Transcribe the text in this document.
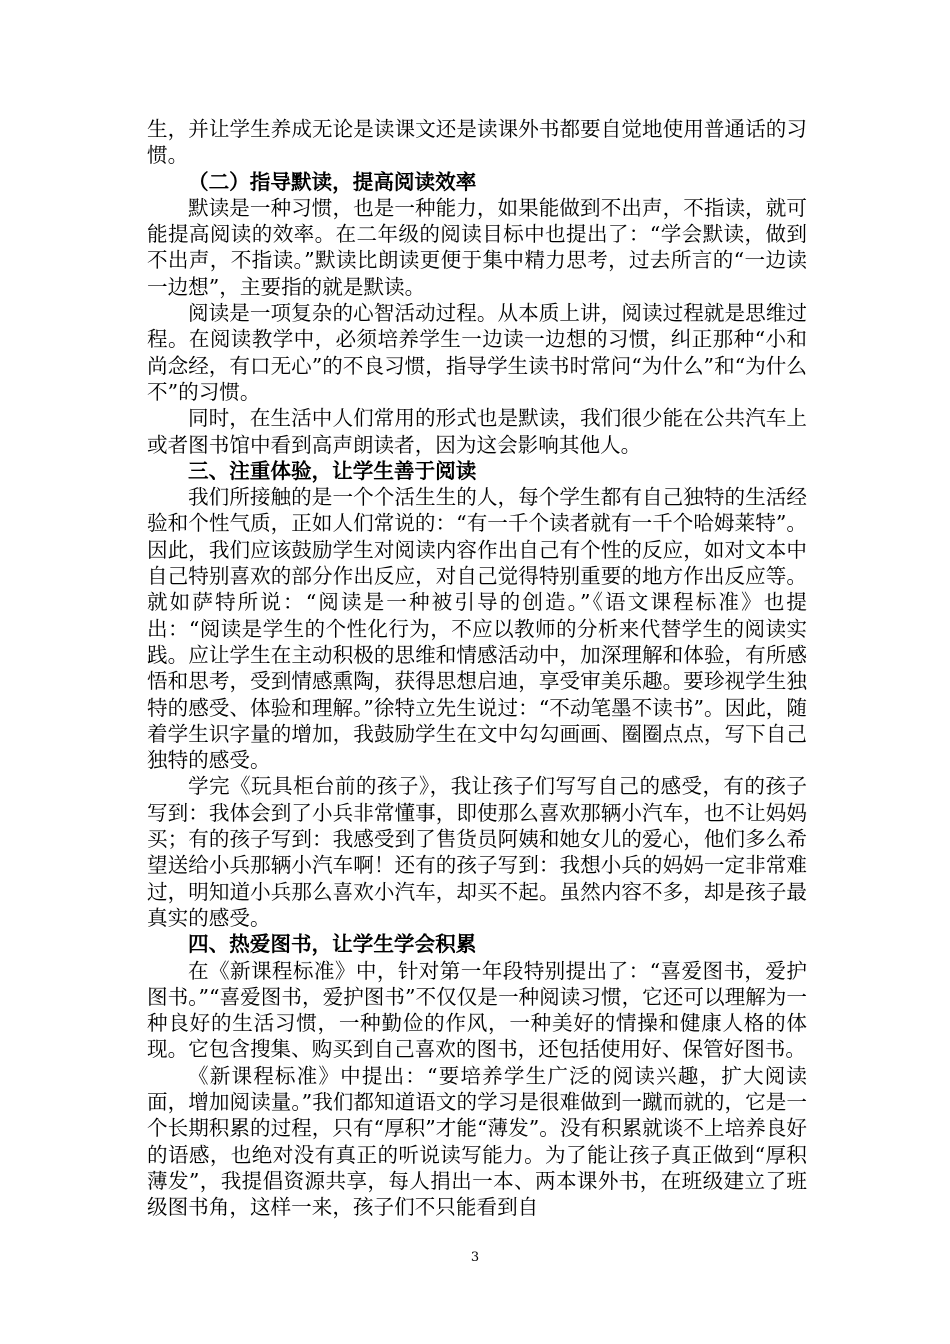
生，并让学生养成无论是读课文还是读课外书都要自觉地使用普通话的习惯。

（二）指导默读，提高阅读效率

默读是一种习惯，也是一种能力，如果能做到不出声，不指读，就可能提高阅读的效率。在二年级的阅读目标中也提出了：“学会默读，做到不出声，不指读。”默读比朗读更便于集中精力思考，过去所言的“一边读一边想”，主要指的就是默读。

阅读是一项复杂的心智活动过程。从本质上讲，阅读过程就是思维过程。在阅读教学中，必须培养学生一边读一边想的习惯，纠正那种“小和尚念经，有口无心”的不良习惯，指导学生读书时常问“为什么”和“为什么不”的习惯。

同时，在生活中人们常用的形式也是默读，我们很少能在公共汽车上或者图书馆中看到高声朗读者，因为这会影响其他人。

三、注重体验，让学生善于阅读

我们所接触的是一个个活生生的人，每个学生都有自己独特的生活经验和个性气质，正如人们常说的：“有一千个读者就有一千个哈姆莱特”。因此，我们应该鼓励学生对阅读内容作出自己有个性的反应，如对文本中自己特别喜欢的部分作出反应，对自己觉得特别重要的地方作出反应等。就如萨特所说：“阅读是一种被引导的创造。”《语文课程标准》也提出：“阅读是学生的个性化行为，不应以教师的分析来代替学生的阅读实践。应让学生在主动积极的思维和情感活动中，加深理解和体验，有所感悟和思考，受到情感熏陶，获得思想启迪，享受审美乐趣。要珍视学生独特的感受、体验和理解。”徐特立先生说过：“不动笔墨不读书”。因此，随着学生识字量的增加，我鼓励学生在文中勾勾画画、圈圈点点，写下自己独特的感受。

学完《玩具柜台前的孩子》，我让孩子们写写自己的感受，有的孩子写到：我体会到了小兵非常懂事，即使那么喜欢那辆小汽车，也不让妈妈买；有的孩子写到：我感受到了售货员阿姨和她女儿的爱心，他们多么希望送给小兵那辆小汽车啊！还有的孩子写到：我想小兵的妈妈一定非常难过，明知道小兵那么喜欢小汽车，却买不起。虽然内容不多，却是孩子最真实的感受。

四、热爱图书，让学生学会积累

在《新课程标准》中，针对第一年段特别提出了：“喜爱图书，爱护图书。”“喜爱图书，爱护图书”不仅仅是一种阅读习惯，它还可以理解为一种良好的生活习惯，一种勤俭的作风，一种美好的情操和健康人格的体现。它包含搜集、购买到自己喜欢的图书，还包括使用好、保管好图书。

《新课程标准》中提出：“要培养学生广泛的阅读兴趣，扩大阅读面，增加阅读量。”我们都知道语文的学习是很难做到一蹴而就的，它是一个长期积累的过程，只有“厚积”才能“薄发”。没有积累就谈不上培养良好的语感，也绝对没有真正的听说读写能力。为了能让孩子真正做到“厚积薄发”，我提倡资源共享，每人捐出一本、两本课外书，在班级建立了班级图书角，这样一来，孩子们不只能看到自

3
